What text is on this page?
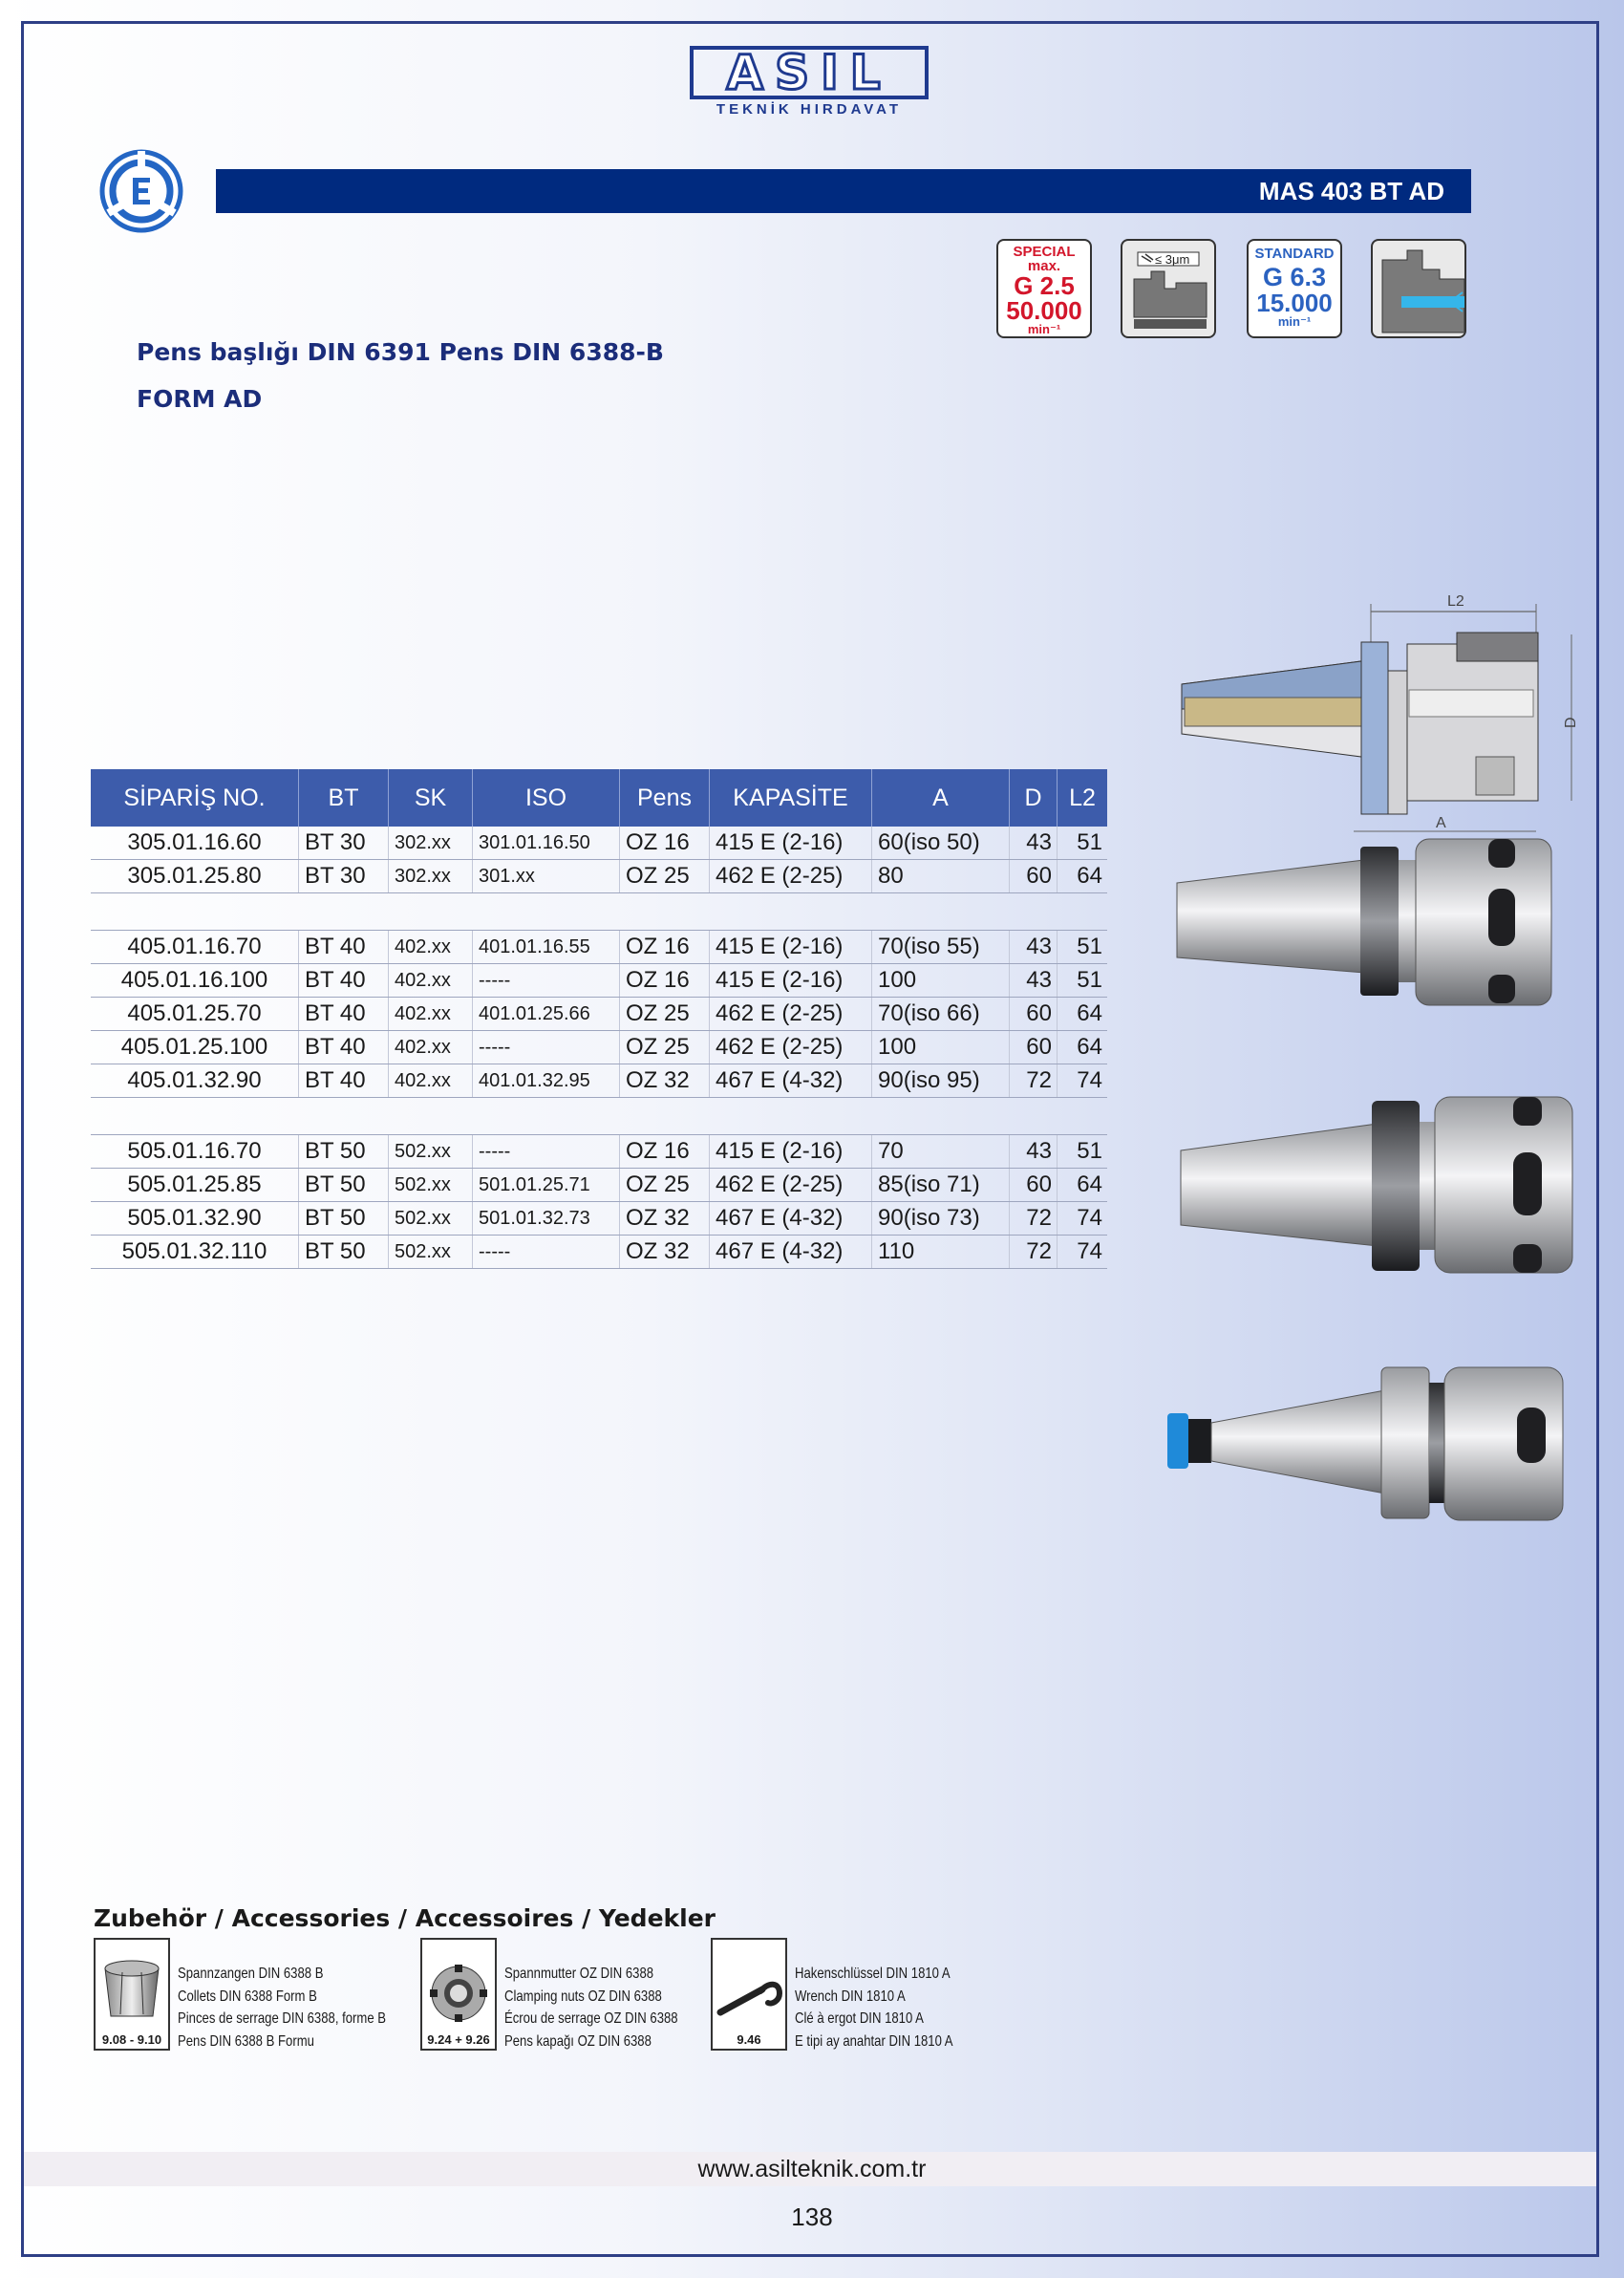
ASIL
TEKNİK HIRDAVAT
MAS 403 BT AD
SPECIAL
max.
G 2.5
50.000
min⁻¹
≤ 3μm	STANDARD
G 6.3
15.000
min⁻¹
Pens başlığı DIN 6391 Pens DIN 6388-B
FORM AD
L2
D
A
SİPARİŞ NO.	BT	SK	ISO	Pens	KAPASİTE	A	D	L2
305.01.16.60	BT 30	302.xx	301.01.16.50	OZ 16	415 E (2-16)	60(iso 50)	43	51
305.01.25.80	BT 30	302.xx	301.xx	OZ 25	462 E (2-25)	80	60	64
405.01.16.70	BT 40	402.xx	401.01.16.55	OZ 16	415 E (2-16)	70(iso 55)	43	51
405.01.16.100	BT 40	402.xx	-----	OZ 16	415 E (2-16)	100	43	51
405.01.25.70	BT 40	402.xx	401.01.25.66	OZ 25	462 E (2-25)	70(iso 66)	60	64
405.01.25.100	BT 40	402.xx	-----	OZ 25	462 E (2-25)	100	60	64
405.01.32.90	BT 40	402.xx	401.01.32.95	OZ 32	467 E (4-32)	90(iso 95)	72	74
505.01.16.70	BT 50	502.xx	-----	OZ 16	415 E (2-16)	70	43	51
505.01.25.85	BT 50	502.xx	501.01.25.71	OZ 25	462 E (2-25)	85(iso 71)	60	64
505.01.32.90	BT 50	502.xx	501.01.32.73	OZ 32	467 E (4-32)	90(iso 73)	72	74
505.01.32.110	BT 50	502.xx	-----	OZ 32	467 E (4-32)	110	72	74
Zubehör / Accessories / Accessoires / Yedekler
9.08 - 9.10
Spannzangen DIN 6388 B
Collets DIN 6388 Form B
Pinces de serrage DIN 6388, forme B
Pens DIN 6388 B Formu	9.24 + 9.26
Spannmutter OZ DIN 6388
Clamping nuts OZ DIN 6388
Écrou de serrage OZ DIN 6388
Pens kapağı OZ DIN 6388	9.46
Hakenschlüssel DIN 1810 A
Wrench DIN 1810 A
Clé à ergot DIN 1810 A
E tipi ay anahtar DIN 1810 A
www.asilteknik.com.tr
138
